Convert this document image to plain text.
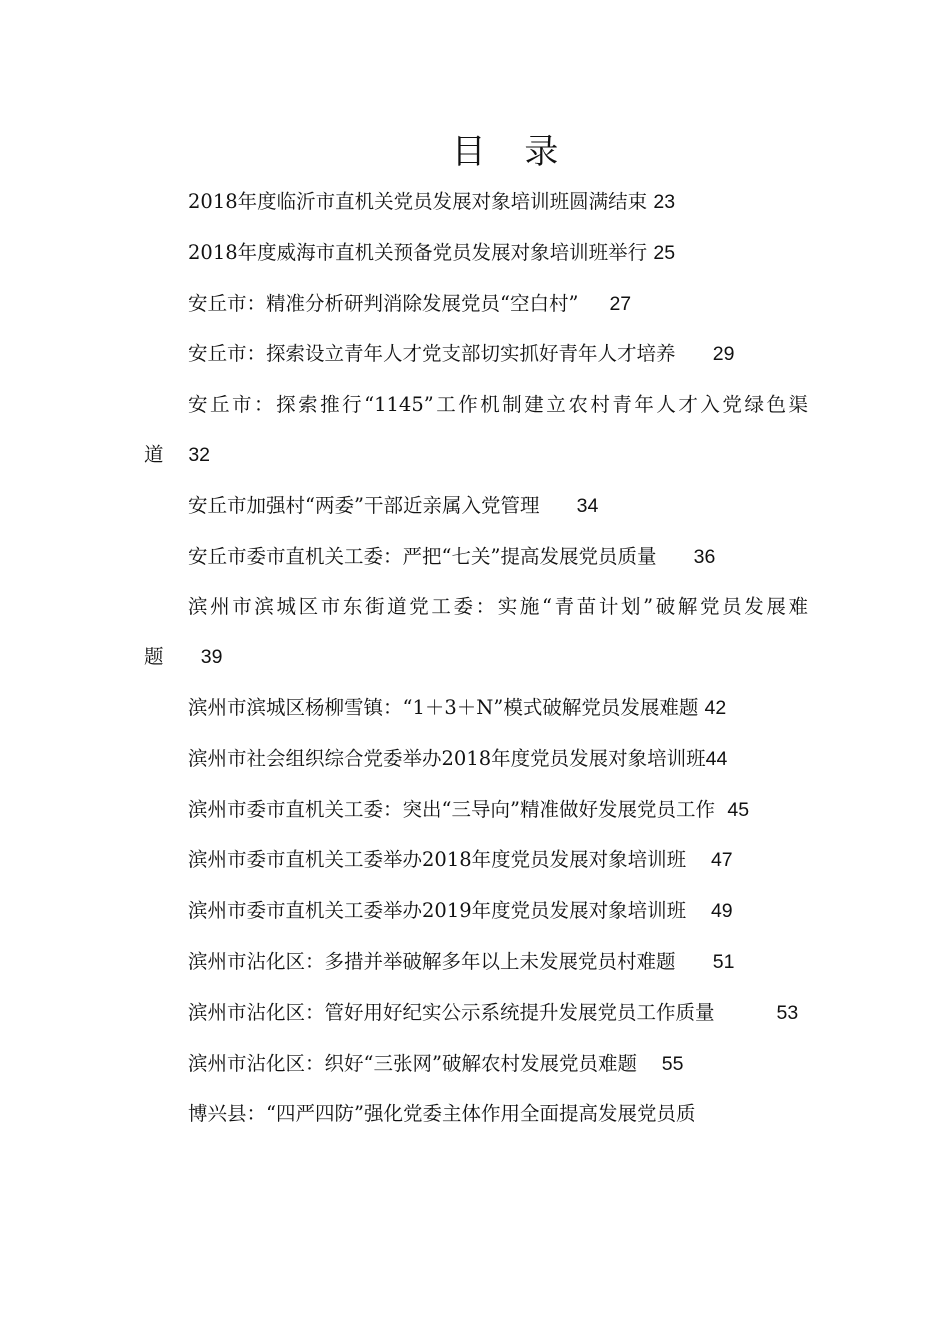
目 录

2018年度临沂市直机关党员发展对象培训班圆满结束 23

2018年度威海市直机关预备党员发展对象培训班举行 25

安丘市：精准分析研判消除发展党员“空白村” 27

安丘市：探索设立青年人才党支部切实抓好青年人才培养 29

安丘市：探索推行“1145”工作机制建立农村青年人才入党绿色渠道 32

安丘市加强村“两委”干部近亲属入党管理 34

安丘市委市直机关工委：严把“七关”提高发展党员质量 36

滨州市滨城区市东街道党工委：实施“青苗计划”破解党员发展难题 39

滨州市滨城区杨柳雪镇：“1＋3＋N”模式破解党员发展难题 42

滨州市社会组织综合党委举办2018年度党员发展对象培训班44

滨州市委市直机关工委：突出“三导向”精准做好发展党员工作 45

滨州市委市直机关工委举办2018年度党员发展对象培训班 47

滨州市委市直机关工委举办2019年度党员发展对象培训班 49

滨州市沾化区：多措并举破解多年以上未发展党员村难题 51

滨州市沾化区：管好用好纪实公示系统提升发展党员工作质量	53

滨州市沾化区：织好“三张网”破解农村发展党员难题 55

博兴县：“四严四防”强化党委主体作用全面提高发展党员质
